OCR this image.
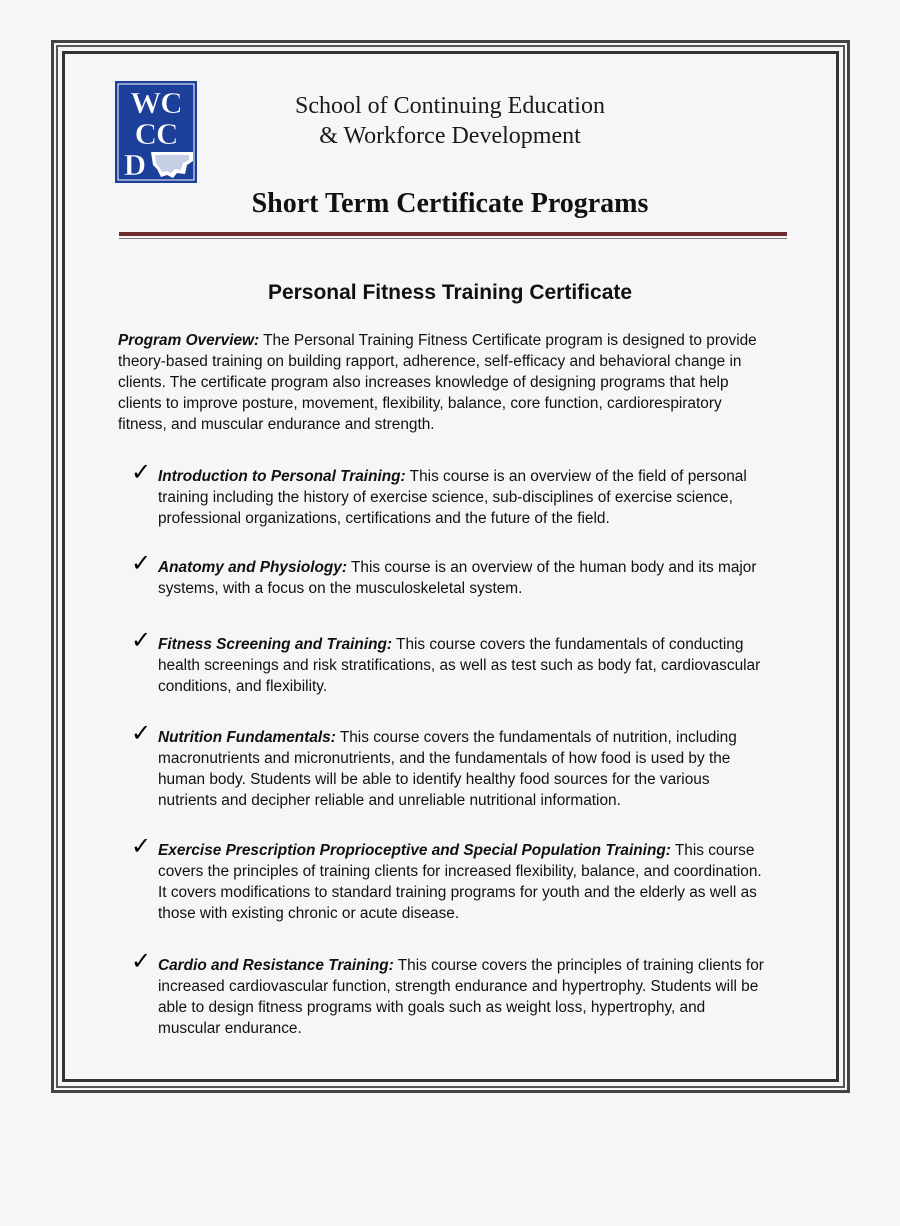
WC
CC
D
School of Continuing Education
& Workforce Development
Short Term Certificate Programs
Personal Fitness Training Certificate
Program Overview: The Personal Training Fitness Certificate program is designed to provide theory-based training on building rapport, adherence, self-efficacy and behavioral change in clients. The certificate program also increases knowledge of designing programs that help clients to improve posture, movement, flexibility, balance, core function, cardiorespiratory fitness, and muscular endurance and strength.
✓ Introduction to Personal Training: This course is an overview of the field of personal training including the history of exercise science, sub-disciplines of exercise science, professional organizations, certifications and the future of the field.
✓ Anatomy and Physiology: This course is an overview of the human body and its major systems, with a focus on the musculoskeletal system.
✓ Fitness Screening and Training: This course covers the fundamentals of conducting health screenings and risk stratifications, as well as test such as body fat, cardiovascular conditions, and flexibility.
✓ Nutrition Fundamentals: This course covers the fundamentals of nutrition, including macronutrients and micronutrients, and the fundamentals of how food is used by the human body. Students will be able to identify healthy food sources for the various nutrients and decipher reliable and unreliable nutritional information.
✓ Exercise Prescription Proprioceptive and Special Population Training: This course covers the principles of training clients for increased flexibility, balance, and coordination. It covers modifications to standard training programs for youth and the elderly as well as those with existing chronic or acute disease.
✓ Cardio and Resistance Training: This course covers the principles of training clients for increased cardiovascular function, strength endurance and hypertrophy. Students will be able to design fitness programs with goals such as weight loss, hypertrophy, and muscular endurance.
